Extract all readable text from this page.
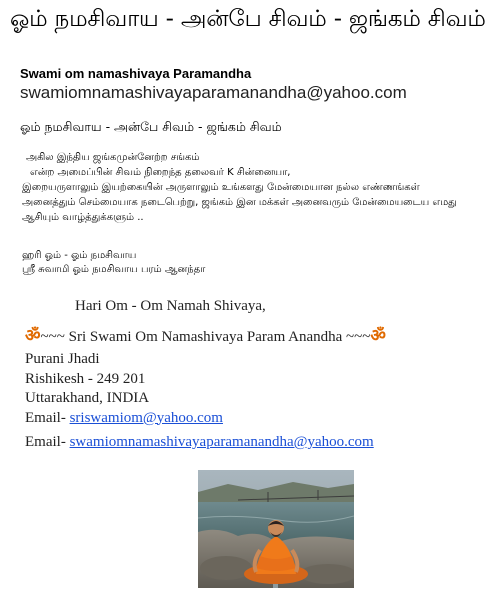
ஓம் நமசிவாய - அன்பே சிவம் - ஜங்கம் சிவம்
Swami om namashivaya Paramandha
swamiomnamashivayaparamanandha@yahoo.com
ஓம் நமசிவாய - அன்பே சிவம் - ஜங்கம் சிவம்
அகில இந்திய ஜங்கமுன்னேற்ற சங்கம்
என்ற அமைப்பின் சிவம் நிறைந்த தலைவர் K சின்னையா,
இறையருளாலும் இயற்கையின் அருளாலும் உங்களது மேன்மையான நல்ல எண்ணங்கள்
அனைத்தும் செம்மையாக நடைபெற்று, ஜங்கம் இன மக்கள் அனைவரும் மேன்மையடைய எமது
ஆசியும் வாழ்த்துக்களும் ..
ஹரி ஓம் - ஓம் நமசிவாய
ஸ்ரீ சுவாமி ஓம் நமசிவாய பரம் ஆனந்தா
Hari Om - Om Namah Shivaya,
ॐ~~~ Sri Swami Om Namashivaya Param Anandha ~~~ॐ
Purani Jhadi
Rishikesh - 249 201
Uttarakhand, INDIA
Email- sriswamiom@yahoo.com
Email- swamiomnamashivayaparamanandha@yahoo.com
